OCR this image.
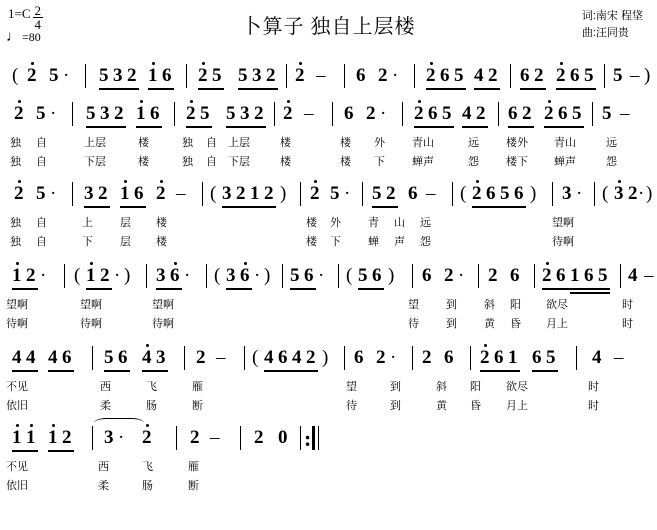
$1=C \frac{2}{4}$
♩ =80	卜算子 独自上层楼	词:南宋 程垡
曲:汪同贵
( 2 5 · 5 3 2 1 6 2 5 5 3 2 2 – 6 2 · 2 6 5 4 2 6 2 2 6 5 5 – )
2 5 · 5 3 2 1 6 2 5 5 3 2 2 – 6 2 · 2 6 5 4 2 6 2 2 6 5 5 –
独 自	上层	楼	独 自 上层	楼	楼 外 青山	远 楼外 青山	远
独 自	下层	楼	独 自 下层	楼	楼 下 蝉声	怨 楼下 蝉声	怨
2 5 · 3 2 1 6 2 – ( 3 2 1 2 ) 2 5 · 5 2 6 – ( 2 6 5 6 ) 3 · ( 3 2 · )
独 自	上 层 楼	楼 外 青 山 远	望啊
独 自	下 层 楼	楼 下 蝉 声 怨	待啊
1 2 · ( 1 2 · ) 3 6 · ( 3 6 · ) 5 6 · ( 5 6 ) 6 2 · 2 6 2 6 1 6 5 4 –
望啊	望啊	望啊	望 到 斜 阳 欲尽	时
待啊	待啊	待啊	待 到 黄 昏 月上	时
4 4 4 6 5 6 4 3 2 – ( 4 6 4 2 ) 6 2 · 2 6 2 6 1 6 5 4 –
不见	西	飞	雁	望	到	斜 阳 欲尽	时
依旧	柔	肠	断	待	到	黄 昏 月上	时
1 1 1 2 3 · 2 2 – 2 0 :
不见	西	飞	雁
依旧	柔	肠	断
